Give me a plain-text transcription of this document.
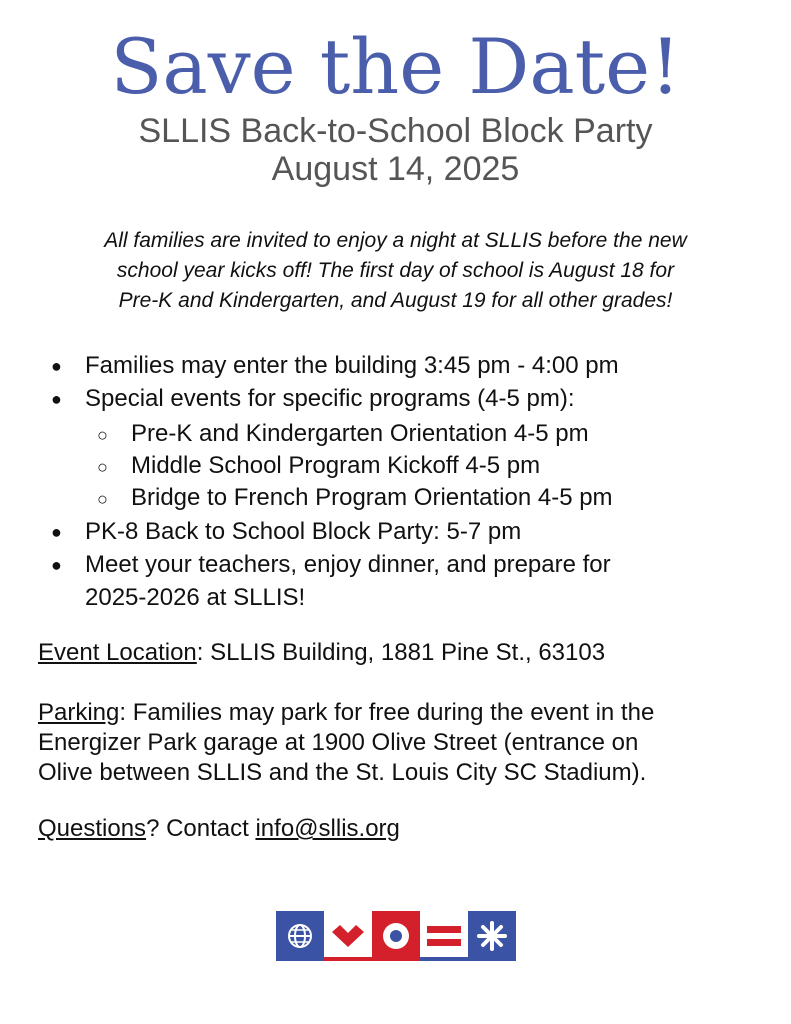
Save the Date!
SLLIS Back-to-School Block Party
August 14, 2025
All families are invited to enjoy a night at SLLIS before the new
school year kicks off! The first day of school is August 18 for
Pre-K and Kindergarten, and August 19 for all other grades!
● Families may enter the building 3:45 pm - 4:00 pm
● Special events for specific programs (4-5 pm):
○ Pre-K and Kindergarten Orientation 4-5 pm
○ Middle School Program Kickoff 4-5 pm
○ Bridge to French Program Orientation 4-5 pm
● PK-8 Back to School Block Party: 5-7 pm
● Meet your teachers, enjoy dinner, and prepare for
2025-2026 at SLLIS!
Event Location: SLLIS Building, 1881 Pine St., 63103
Parking: Families may park for free during the event in the
Energizer Park garage at 1900 Olive Street (entrance on
Olive between SLLIS and the St. Louis City SC Stadium).
Questions? Contact info@sllis.org
